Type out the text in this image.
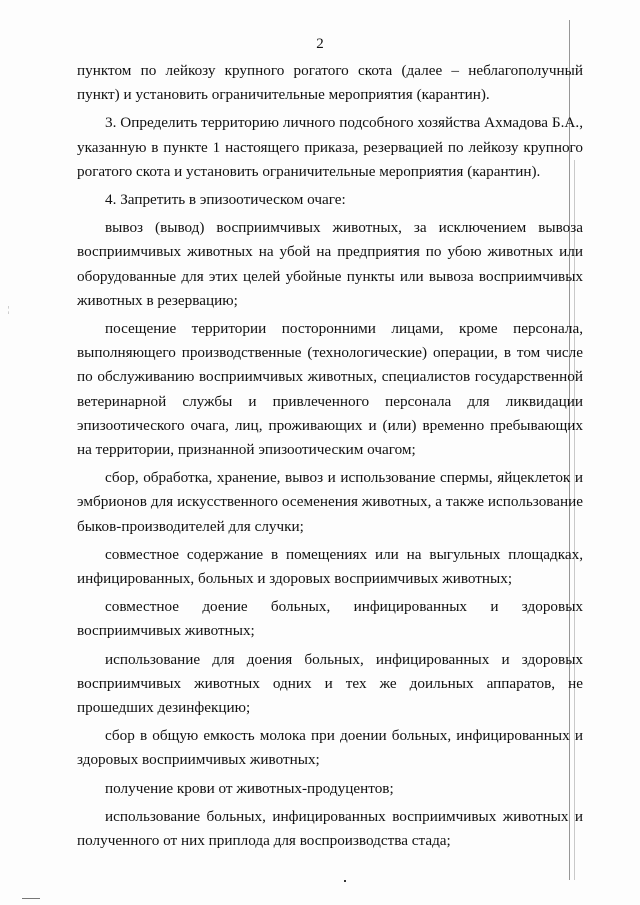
¦
2

пунктом по лейкозу крупного рогатого скота (далее – неблагополучный пункт) и установить ограничительные мероприятия (карантин).

3. Определить территорию личного подсобного хозяйства Ахмадова Б.А., указанную в пункте 1 настоящего приказа, резервацией по лейкозу крупного рогатого скота и установить ограничительные мероприятия (карантин).

4. Запретить в эпизоотическом очаге:

вывоз (вывод) восприимчивых животных, за исключением вывоза восприимчивых животных на убой на предприятия по убою животных или оборудованные для этих целей убойные пункты или вывоза восприимчивых животных в резервацию;

посещение территории посторонними лицами, кроме персонала, выполняющего производственные (технологические) операции, в том числе по обслуживанию восприимчивых животных, специалистов государственной ветеринарной службы и привлеченного персонала для ликвидации эпизоотического очага, лиц, проживающих и (или) временно пребывающих на территории, признанной эпизоотическим очагом;

сбор, обработка, хранение, вывоз и использование спермы, яйцеклеток и эмбрионов для искусственного осеменения животных, а также использование быков-производителей для случки;

совместное содержание в помещениях или на выгульных площадках, инфицированных, больных и здоровых восприимчивых животных;

совместное доение больных, инфицированных и здоровых восприимчивых животных;

использование для доения больных, инфицированных и здоровых восприимчивых животных одних и тех же доильных аппаратов, не прошедших дезинфекцию;

сбор в общую емкость молока при доении больных, инфицированных и здоровых восприимчивых животных;

получение крови от животных-продуцентов;

использование больных, инфицированных восприимчивых животных и полученного от них приплода для воспроизводства стада;
